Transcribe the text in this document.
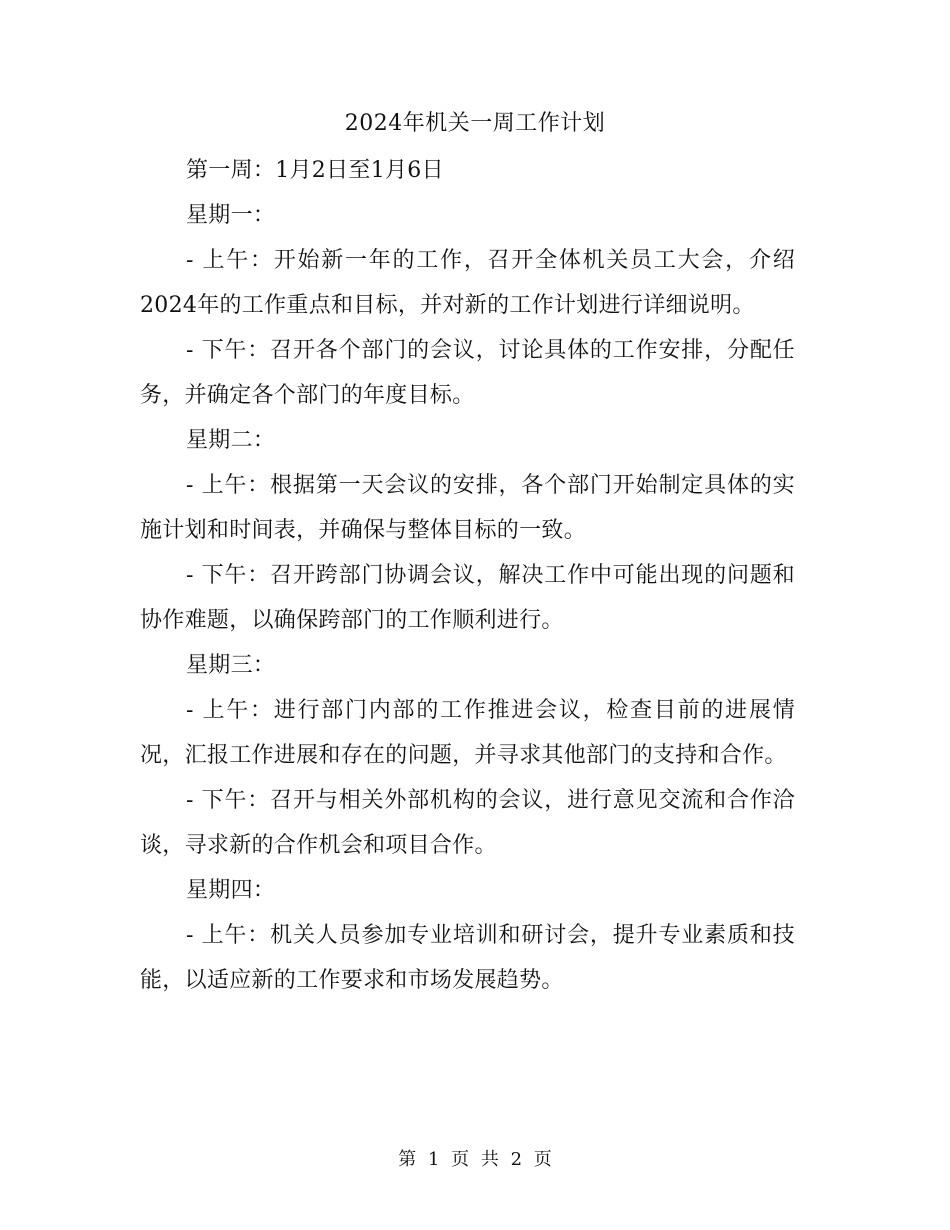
2024年机关一周工作计划

第一周：1月2日至1月6日

星期一：

- 上午：开始新一年的工作，召开全体机关员工大会，介绍2024年的工作重点和目标，并对新的工作计划进行详细说明。

- 下午：召开各个部门的会议，讨论具体的工作安排，分配任务，并确定各个部门的年度目标。

星期二：

- 上午：根据第一天会议的安排，各个部门开始制定具体的实施计划和时间表，并确保与整体目标的一致。

- 下午：召开跨部门协调会议，解决工作中可能出现的问题和协作难题，以确保跨部门的工作顺利进行。

星期三：

- 上午：进行部门内部的工作推进会议，检查目前的进展情况，汇报工作进展和存在的问题，并寻求其他部门的支持和合作。

- 下午：召开与相关外部机构的会议，进行意见交流和合作洽谈，寻求新的合作机会和项目合作。

星期四：

- 上午：机关人员参加专业培训和研讨会，提升专业素质和技能，以适应新的工作要求和市场发展趋势。

第 1 页 共 2 页
